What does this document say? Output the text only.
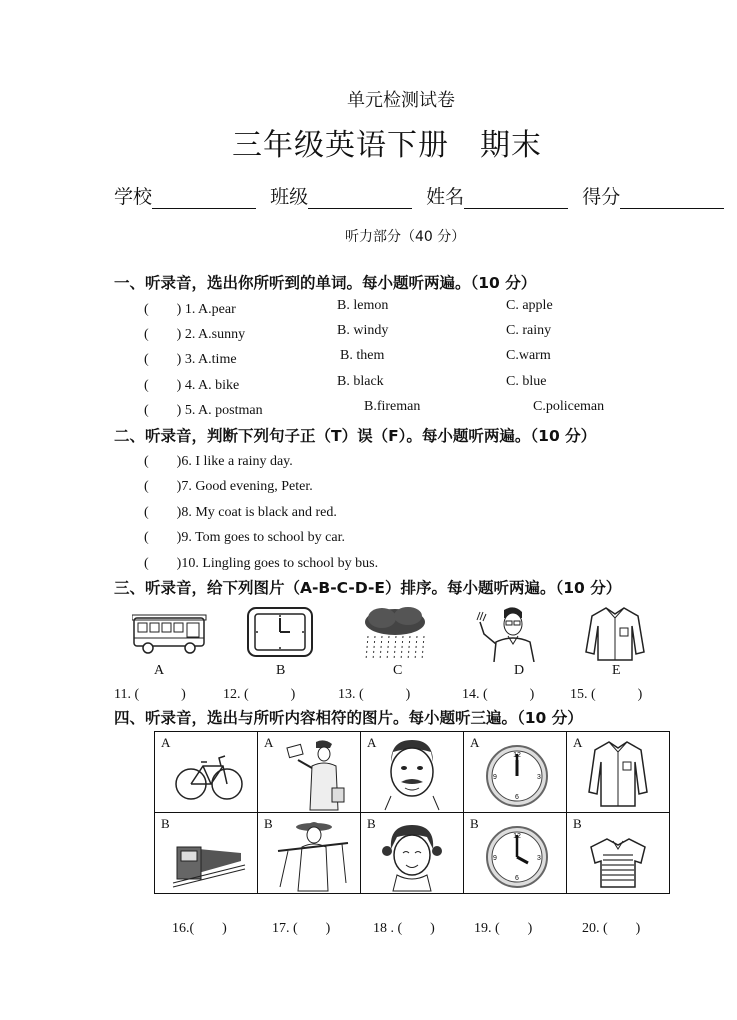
单元检测试卷
三年级英语下册　期末
学校	班级	姓名	得分
听力部分（40 分）
一、听录音，选出你所听到的单词。每小题听两遍。（10 分）
(　　) 1. A.pear	B. lemon	C. apple
(　　) 2. A.sunny	B. windy	C. rainy
(　　) 3. A.time	B. them	C.warm
(　　) 4. A. bike	B. black	C. blue
(　　) 5. A. postman	B.fireman	C.policeman
二、听录音，判断下列句子正（T）误（F）。每小题听两遍。（10 分）
(　　)6. I like a rainy day.
(　　)7. Good evening, Peter.
(　　)8. My coat is black and red.
(　　)9. Tom goes to school by car.
(　　)10. Lingling goes to school by bus.
三、听录音，给下列图片（A-B-C-D-E）排序。每小题听两遍。（10 分）
A	B	C	D	E
11. (　　　)	12. (　　　)	13. (　　　)	14. (　　　)	15. (　　　)
四、听录音，选出与所听内容相符的图片。每小题听三遍。（10 分）
A	A	A	A
12
3
6
9	A

B	B	B	B
12
3
6
9	B
16.(　　)	17. (　　)	18 . (　　)	19. (　　)	20. (　　)
